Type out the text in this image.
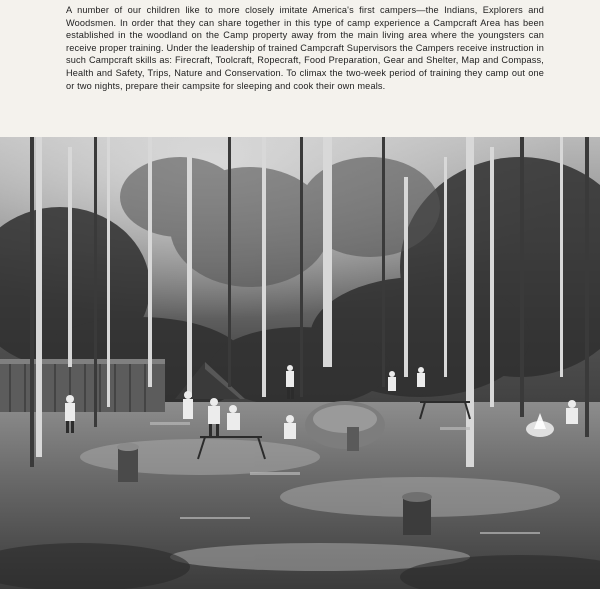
A number of our children like to more closely imitate America's first campers—the Indians, Explorers and Woodsmen. In order that they can share together in this type of camp experience a Campcraft Area has been established in the woodland on the Camp property away from the main living area where the youngsters can receive proper training. Under the leadership of trained Campcraft Supervisors the Campers receive instruction in such Campcraft skills as: Firecraft, Toolcraft, Ropecraft, Food Preparation, Gear and Shelter, Map and Compass, Health and Safety, Trips, Nature and Conservation. To climax the two-week period of training they camp out one or two nights, prepare their campsite for sleeping and cook their own meals.
